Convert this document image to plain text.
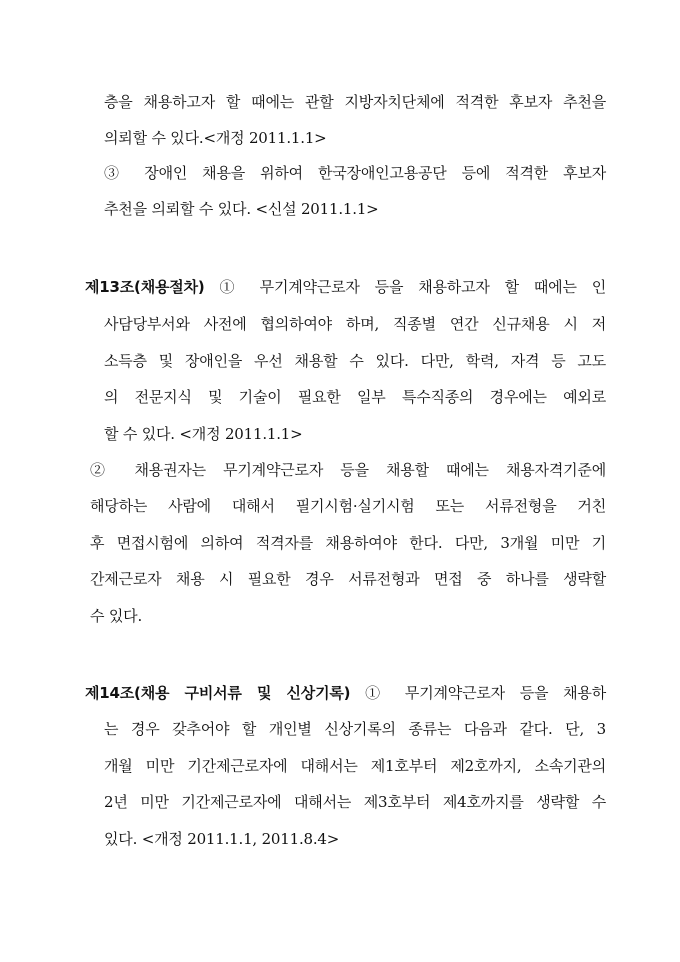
층을 채용하고자 할 때에는 관할 지방자치단체에 적격한 후보자 추천을
의뢰할 수 있다.<개정 2011.1.1>
③ 장애인 채용을 위하여 한국장애인고용공단 등에 적격한 후보자
추천을 의뢰할 수 있다. <신설 2011.1.1>
제13조(채용절차) ① 무기계약근로자 등을 채용하고자 할 때에는 인
사담당부서와 사전에 협의하여야 하며, 직종별 연간 신규채용 시 저
소득층 및 장애인을 우선 채용할 수 있다. 다만, 학력, 자격 등 고도
의 전문지식 및 기술이 필요한 일부 특수직종의 경우에는 예외로
할 수 있다. <개정 2011.1.1>
② 채용권자는 무기계약근로자 등을 채용할 때에는 채용자격기준에
해당하는 사람에 대해서 필기시험·실기시험 또는 서류전형을 거친
후 면접시험에 의하여 적격자를 채용하여야 한다. 다만, 3개월 미만 기
간제근로자 채용 시 필요한 경우 서류전형과 면접 중 하나를 생략할
수 있다.
제14조(채용 구비서류 및 신상기록) ① 무기계약근로자 등을 채용하
는 경우 갖추어야 할 개인별 신상기록의 종류는 다음과 같다. 단, 3
개월 미만 기간제근로자에 대해서는 제1호부터 제2호까지, 소속기관의
2년 미만 기간제근로자에 대해서는 제3호부터 제4호까지를 생략할 수
있다. <개정 2011.1.1, 2011.8.4>
